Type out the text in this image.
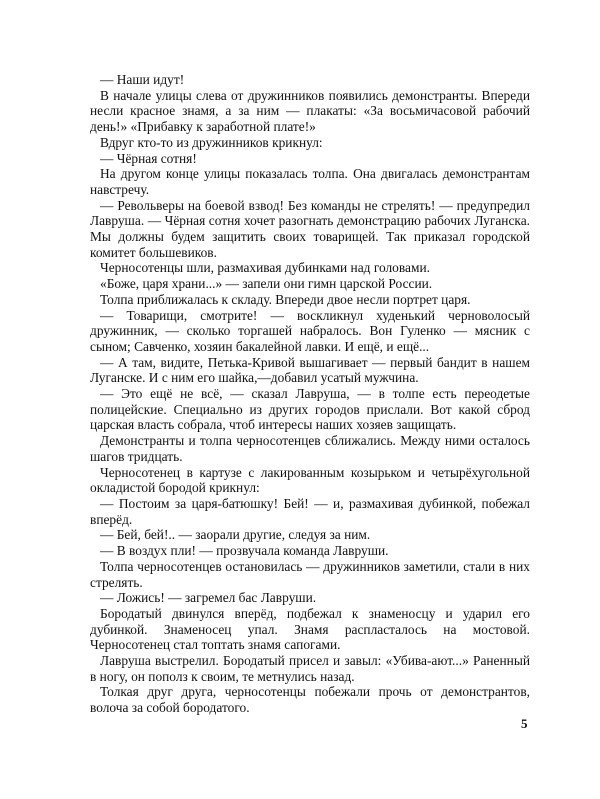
— Наши идут!

В начале улицы слева от дружинников появились демонстранты. Впереди несли красное знамя, а за ним — плакаты: «За восьмичасовой рабочий день!» «Прибавку к заработной плате!»

Вдруг кто-то из дружинников крикнул:

— Чёрная сотня!

На другом конце улицы показалась толпа. Она двигалась демонстрантам навстречу.

— Револьверы на боевой взвод! Без команды не стрелять! — предупредил Лавруша. — Чёрная сотня хочет разогнать демонстрацию рабочих Луганска. Мы должны будем защитить своих товарищей. Так приказал городской комитет большевиков.

Черносотенцы шли, размахивая дубинками над головами.

«Боже, царя храни...» — запели они гимн царской России.

Толпа приближалась к складу. Впереди двое несли портрет царя.

— Товарищи, смотрите! — воскликнул худенький черноволосый дружинник, — сколько торгашей набралось. Вон Гуленко — мясник с сыном; Савченко, хозяин бакалейной лавки. И ещё, и ещё...

— А там, видите, Петька-Кривой вышагивает — первый бандит в нашем Луганске. И с ним его шайка,—добавил усатый мужчина.

— Это ещё не всё, — сказал Лавруша, — в толпе есть переодетые полицейские. Специально из других городов прислали. Вот какой сброд царская власть собрала, чтоб интересы наших хозяев защищать.

Демонстранты и толпа черносотенцев сближались. Между ними осталось шагов тридцать.

Черносотенец в картузе с лакированным козырьком и четырёхугольной окладистой бородой крикнул:

— Постоим за царя-батюшку! Бей! — и, размахивая дубинкой, побежал вперёд.

— Бей, бей!.. — заорали другие, следуя за ним.

— В воздух пли! — прозвучала команда Лавруши.

Толпа черносотенцев остановилась — дружинников заметили, стали в них стрелять.

— Ложись! — загремел бас Лавруши.

Бородатый двинулся вперёд, подбежал к знаменосцу и ударил его дубинкой. Знаменосец упал. Знамя распласталось на мостовой. Черносотенец стал топтать знамя сапогами.

Лавруша выстрелил. Бородатый присел и завыл: «Убива-ают...» Раненный в ногу, он пополз к своим, те метнулись назад.

Толкая друг друга, черносотенцы побежали прочь от демонстрантов, волоча за собой бородатого.

5
